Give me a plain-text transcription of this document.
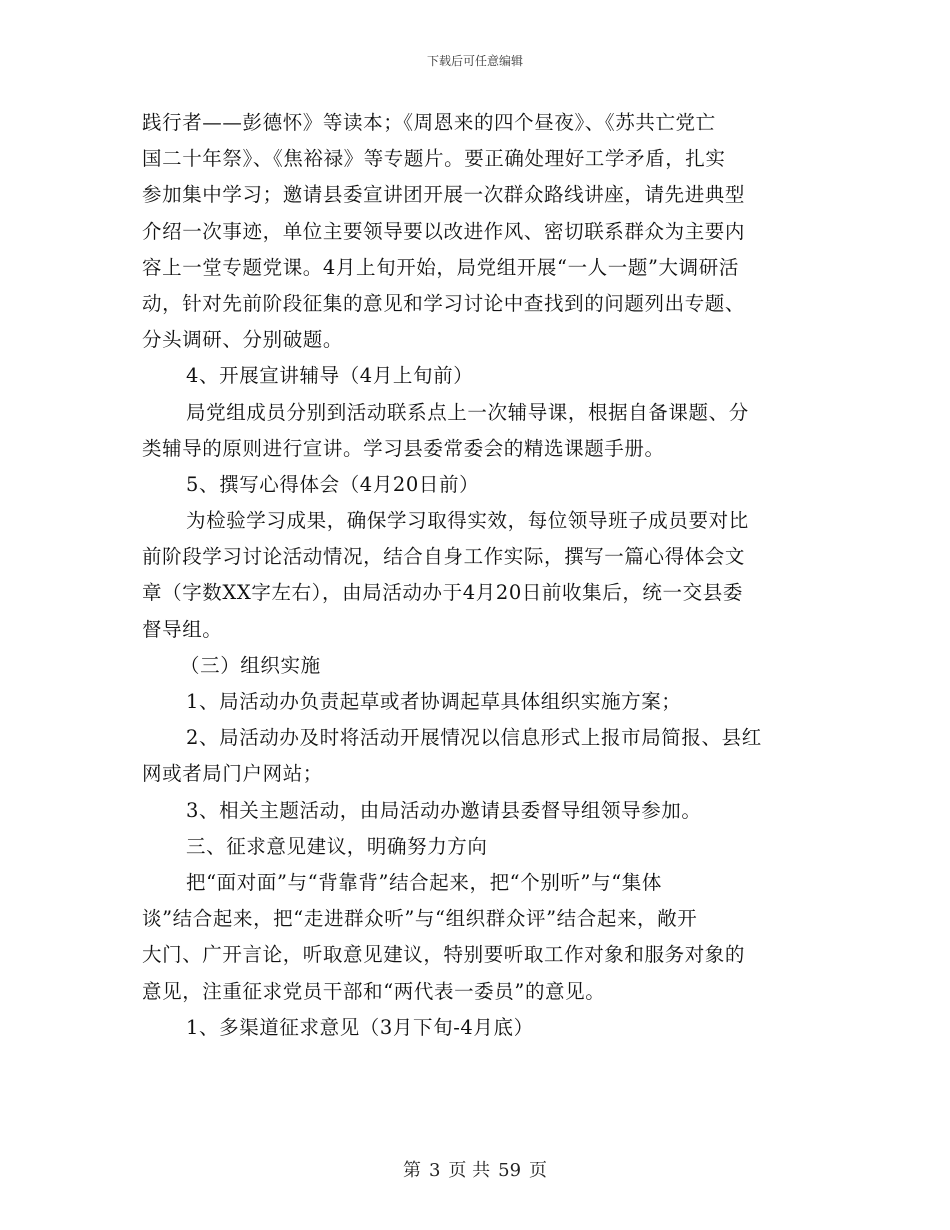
下载后可任意编辑
践行者——彭德怀》等读本；《周恩来的四个昼夜》、《苏共亡党亡
国二十年祭》、《焦裕禄》等专题片。要正确处理好工学矛盾，扎实
参加集中学习；邀请县委宣讲团开展一次群众路线讲座，请先进典型
介绍一次事迹，单位主要领导要以改进作风、密切联系群众为主要内
容上一堂专题党课。4月上旬开始，局党组开展“一人一题”大调研活
动，针对先前阶段征集的意见和学习讨论中查找到的问题列出专题、
分头调研、分别破题。
4、开展宣讲辅导（4月上旬前）
局党组成员分别到活动联系点上一次辅导课，根据自备课题、分
类辅导的原则进行宣讲。学习县委常委会的精选课题手册。
5、撰写心得体会（4月20日前）
为检验学习成果，确保学习取得实效，每位领导班子成员要对比
前阶段学习讨论活动情况，结合自身工作实际，撰写一篇心得体会文
章（字数XX字左右），由局活动办于4月20日前收集后，统一交县委
督导组。
（三）组织实施
1、局活动办负责起草或者协调起草具体组织实施方案；
2、局活动办及时将活动开展情况以信息形式上报市局简报、县红
网或者局门户网站；
3、相关主题活动，由局活动办邀请县委督导组领导参加。
三、征求意见建议，明确努力方向
把“面对面”与“背靠背”结合起来，把“个别听”与“集体
谈”结合起来，把“走进群众听”与“组织群众评”结合起来，敞开
大门、广开言论，听取意见建议，特别要听取工作对象和服务对象的
意见，注重征求党员干部和“两代表一委员”的意见。
1、多渠道征求意见（3月下旬-4月底）
第 3 页 共 59 页
